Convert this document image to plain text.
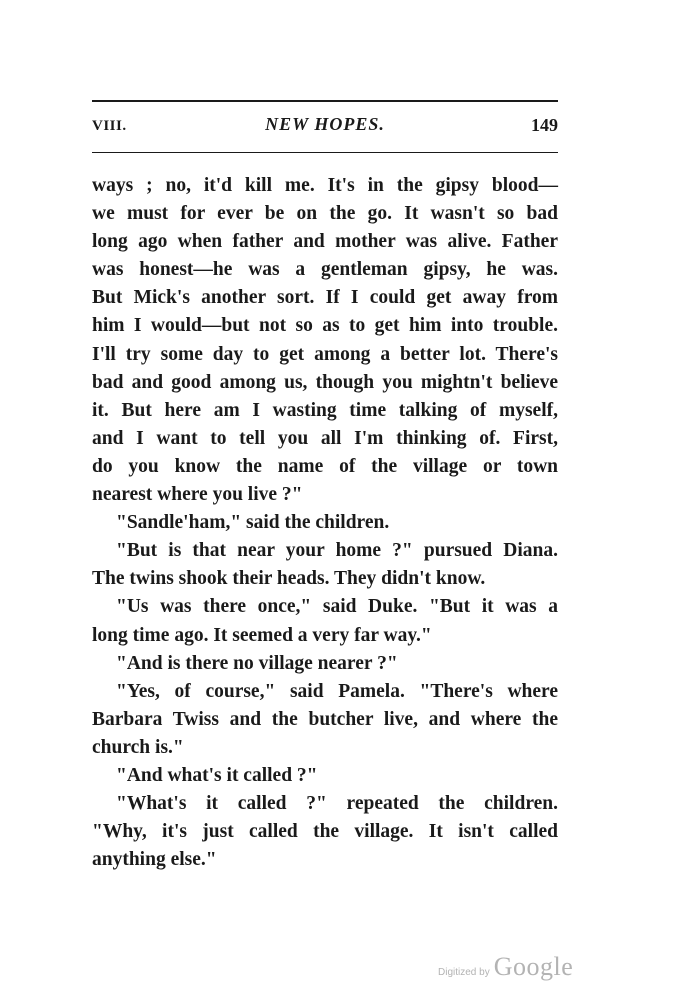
VIII.	NEW HOPES.	149
ways ; no, it'd kill me. It's in the gipsy blood—
we must for ever be on the go. It wasn't so bad
long ago when father and mother was alive. Father
was honest—he was a gentleman gipsy, he was.
But Mick's another sort. If I could get away from
him I would—but not so as to get him into trouble.
I'll try some day to get among a better lot. There's
bad and good among us, though you mightn't believe
it. But here am I wasting time talking of myself,
and I want to tell you all I'm thinking of. First,
do you know the name of the village or town
nearest where you live ?"
"Sandle'ham," said the children.
"But is that near your home ?" pursued Diana.
The twins shook their heads. They didn't know.
"Us was there once," said Duke. "But it was a
long time ago. It seemed a very far way."
"And is there no village nearer ?"
"Yes, of course," said Pamela. "There's where
Barbara Twiss and the butcher live, and where the
church is."
"And what's it called ?"
"What's it called ?" repeated the children.
"Why, it's just called the village. It isn't called
anything else."
Digitized by Google
